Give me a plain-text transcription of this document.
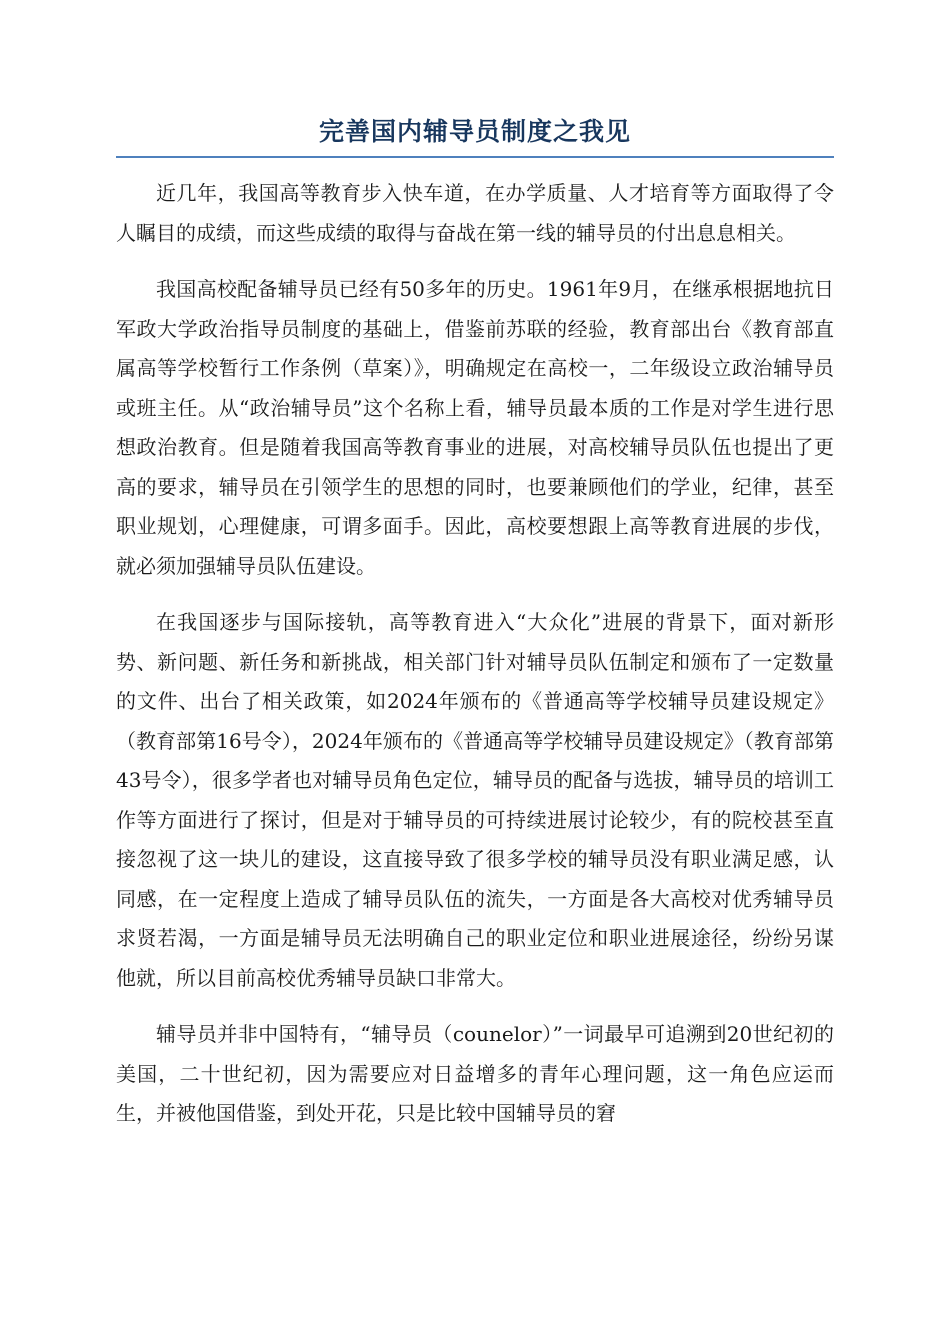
完善国内辅导员制度之我见

近几年，我国高等教育步入快车道，在办学质量、人才培育等方面取得了令人瞩目的成绩，而这些成绩的取得与奋战在第一线的辅导员的付出息息相关。

我国高校配备辅导员已经有50多年的历史。1961年9月，在继承根据地抗日军政大学政治指导员制度的基础上，借鉴前苏联的经验，教育部出台《教育部直属高等学校暂行工作条例（草案）》，明确规定在高校一，二年级设立政治辅导员或班主任。从“政治辅导员”这个名称上看，辅导员最本质的工作是对学生进行思想政治教育。但是随着我国高等教育事业的进展，对高校辅导员队伍也提出了更高的要求，辅导员在引领学生的思想的同时，也要兼顾他们的学业，纪律，甚至职业规划，心理健康，可谓多面手。因此，高校要想跟上高等教育进展的步伐，就必须加强辅导员队伍建设。

在我国逐步与国际接轨，高等教育进入“大众化”进展的背景下，面对新形势、新问题、新任务和新挑战，相关部门针对辅导员队伍制定和颁布了一定数量的文件、出台了相关政策，如2024年颁布的《普通高等学校辅导员建设规定》（教育部第16号令），2024年颁布的《普通高等学校辅导员建设规定》（教育部第43号令），很多学者也对辅导员角色定位，辅导员的配备与选拔，辅导员的培训工作等方面进行了探讨，但是对于辅导员的可持续进展讨论较少，有的院校甚至直接忽视了这一块儿的建设，这直接导致了很多学校的辅导员没有职业满足感，认同感，在一定程度上造成了辅导员队伍的流失，一方面是各大高校对优秀辅导员求贤若渴，一方面是辅导员无法明确自己的职业定位和职业进展途径，纷纷另谋他就，所以目前高校优秀辅导员缺口非常大。

辅导员并非中国特有，“辅导员（counelor）”一词最早可追溯到20世纪初的美国，二十世纪初，因为需要应对日益增多的青年心理问题，这一角色应运而生，并被他国借鉴，到处开花，只是比较中国辅导员的窘
